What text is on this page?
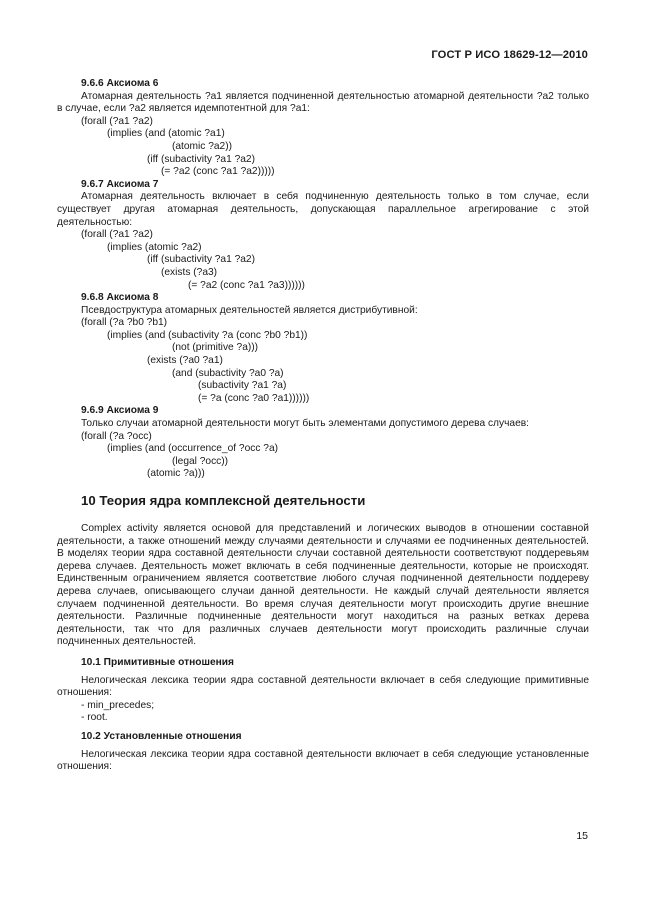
ГОСТ Р ИСО 18629-12—2010
9.6.6 Аксиома 6
Атомарная деятельность ?a1 является подчиненной деятельностью атомарной деятельности ?a2 только в случае, если ?a2 является идемпотентной для ?a1:
(forall (?a1 ?a2)
(implies (and (atomic ?a1)
(atomic ?a2))
(iff (subactivity ?a1 ?a2)
(= ?a2 (conc ?a1 ?a2)))))
9.6.7 Аксиома 7
Атомарная деятельность включает в себя подчиненную деятельность только в том случае, если существует другая атомарная деятельность, допускающая параллельное агрегирование с этой деятельностью:
(forall (?a1 ?a2)
(implies (atomic ?a2)
(iff (subactivity ?a1 ?a2)
(exists (?a3)
(= ?a2 (conc ?a1 ?a3))))))
9.6.8 Аксиома 8
Псевдоструктура атомарных деятельностей является дистрибутивной:
(forall (?a ?b0 ?b1)
(implies (and (subactivity ?a (conc ?b0 ?b1))
(not (primitive ?a)))
(exists (?a0 ?a1)
(and (subactivity ?a0 ?a)
(subactivity ?a1 ?a)
(= ?a (conc ?a0 ?a1))))))
9.6.9 Аксиома 9
Только случаи атомарной деятельности могут быть элементами допустимого дерева случаев:
(forall (?a ?occ)
(implies (and (occurrence_of ?occ ?a)
(legal ?occ))
(atomic ?a)))
10 Теория ядра комплексной деятельности
Complex activity является основой для представлений и логических выводов в отношении составной деятельности, а также отношений между случаями деятельности и случаями ее подчиненных деятельностей. В моделях теории ядра составной деятельности случаи составной деятельности соответствуют поддеревьям дерева случаев. Деятельность может включать в себя подчиненные деятельности, которые не происходят. Единственным ограничением является соответствие любого случая подчиненной деятельности поддереву дерева случаев, описывающего случаи данной деятельности. Не каждый случай деятельности является случаем подчиненной деятельности. Во время случая деятельности могут происходить другие внешние деятельности. Различные подчиненные деятельности могут находиться на разных ветках дерева деятельности, так что для различных случаев деятельности могут происходить различные случаи подчиненных деятельностей.
10.1 Примитивные отношения
Нелогическая лексика теории ядра составной деятельности включает в себя следующие примитивные отношения:
- min_precedes;
- root.
10.2 Установленные отношения
Нелогическая лексика теории ядра составной деятельности включает в себя следующие установленные отношения:
15
